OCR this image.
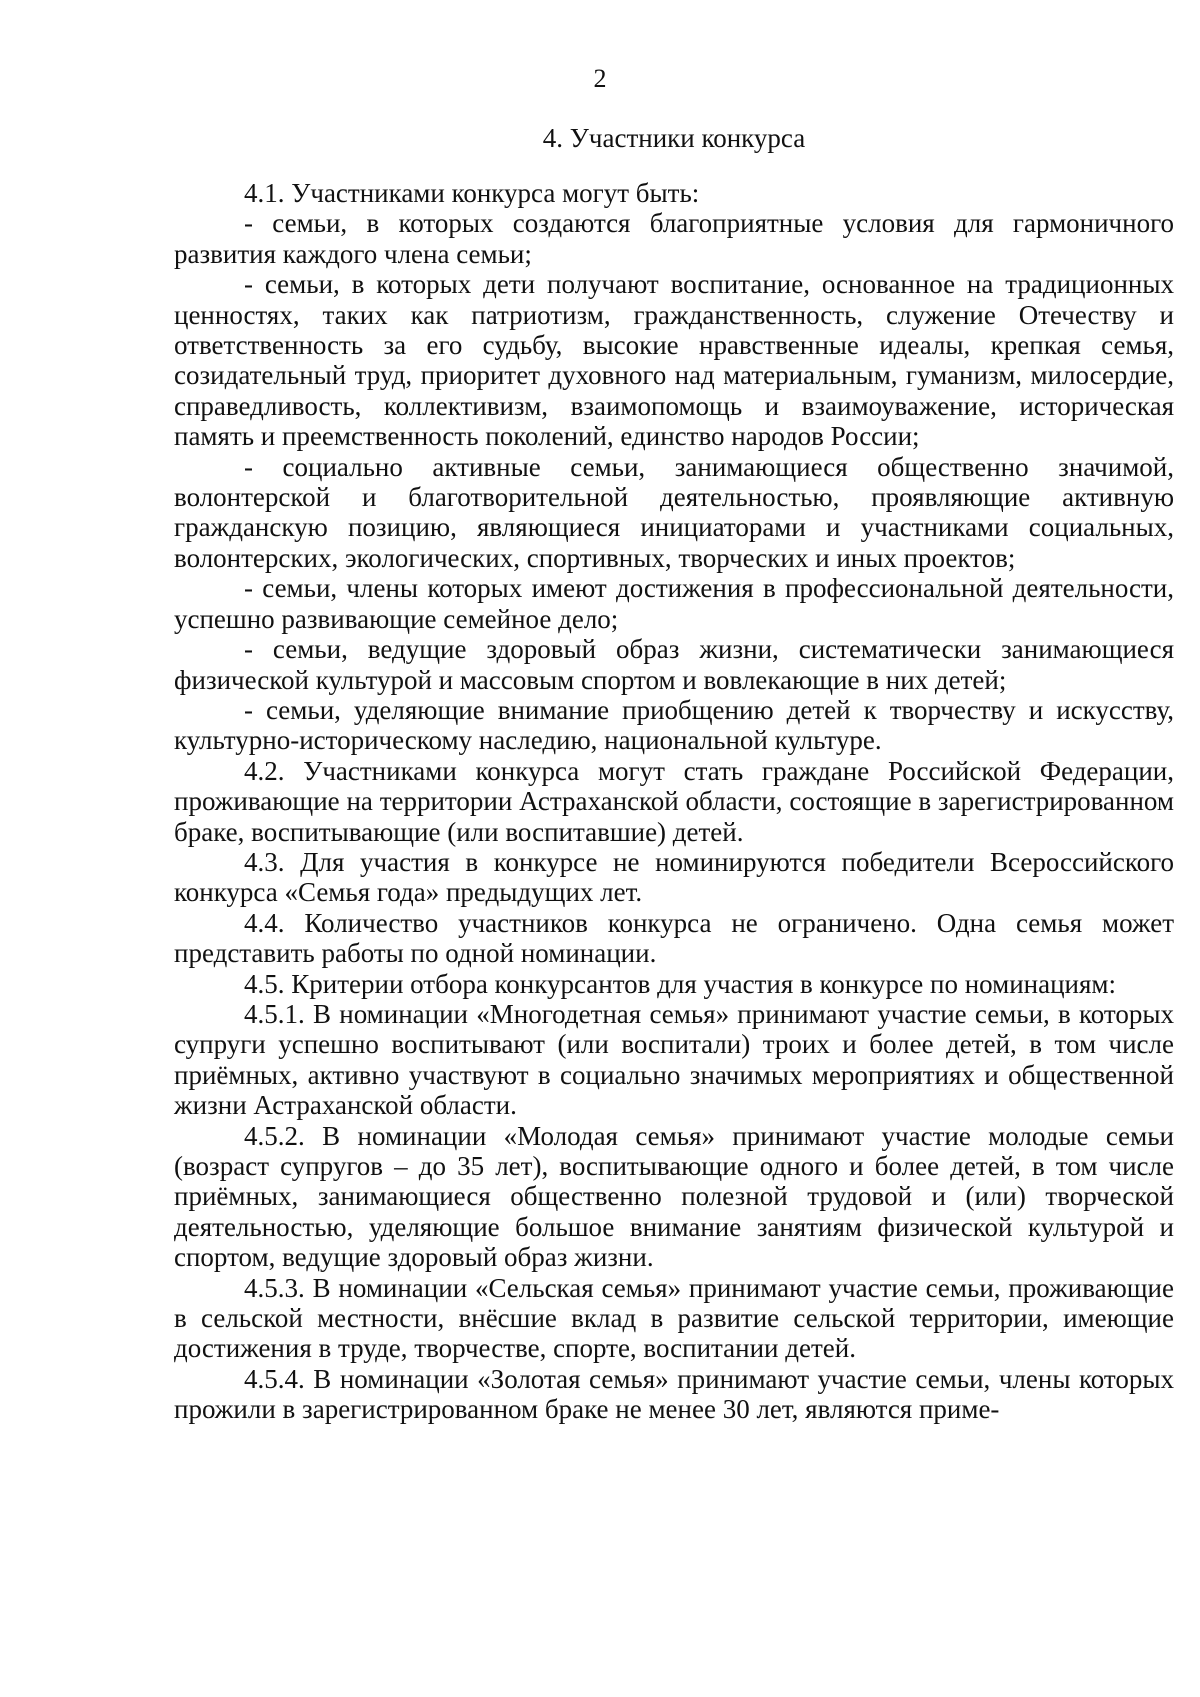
2
4. Участники конкурса

4.1. Участниками конкурса могут быть:

- семьи, в которых создаются благоприятные условия для гармоничного развития каждого члена семьи;

- семьи, в которых дети получают воспитание, основанное на традиционных ценностях, таких как патриотизм, гражданственность, служение Отечеству и ответственность за его судьбу, высокие нравственные идеалы, крепкая семья, созидательный труд, приоритет духовного над материальным, гуманизм, милосердие, справедливость, коллективизм, взаимопомощь и взаимоуважение, историческая память и преемственность поколений, единство народов России;

- социально активные семьи, занимающиеся общественно значимой, волонтерской и благотворительной деятельностью, проявляющие активную гражданскую позицию, являющиеся инициаторами и участниками социальных, волонтерских, экологических, спортивных, творческих и иных проектов;

- семьи, члены которых имеют достижения в профессиональной деятельности, успешно развивающие семейное дело;

- семьи, ведущие здоровый образ жизни, систематически занимающиеся физической культурой и массовым спортом и вовлекающие в них детей;

- семьи, уделяющие внимание приобщению детей к творчеству и искусству, культурно-историческому наследию, национальной культуре.

4.2. Участниками конкурса могут стать граждане Российской Федерации, проживающие на территории Астраханской области, состоящие в зарегистрированном браке, воспитывающие (или воспитавшие) детей.

4.3. Для участия в конкурсе не номинируются победители Всероссийского конкурса «Семья года» предыдущих лет.

4.4. Количество участников конкурса не ограничено. Одна семья может представить работы по одной номинации.

4.5. Критерии отбора конкурсантов для участия в конкурсе по номинациям:

4.5.1. В номинации «Многодетная семья» принимают участие семьи, в которых супруги успешно воспитывают (или воспитали) троих и более детей, в том числе приёмных, активно участвуют в социально значимых мероприятиях и общественной жизни Астраханской области.

4.5.2. В номинации «Молодая семья» принимают участие молодые семьи (возраст супругов – до 35 лет), воспитывающие одного и более детей, в том числе приёмных, занимающиеся общественно полезной трудовой и (или) творческой деятельностью, уделяющие большое внимание занятиям физической культурой и спортом, ведущие здоровый образ жизни.

4.5.3. В номинации «Сельская семья» принимают участие семьи, проживающие в сельской местности, внёсшие вклад в развитие сельской территории, имеющие достижения в труде, творчестве, спорте, воспитании детей.

4.5.4. В номинации «Золотая семья» принимают участие семьи, члены которых прожили в зарегистрированном браке не менее 30 лет, являются приме-
